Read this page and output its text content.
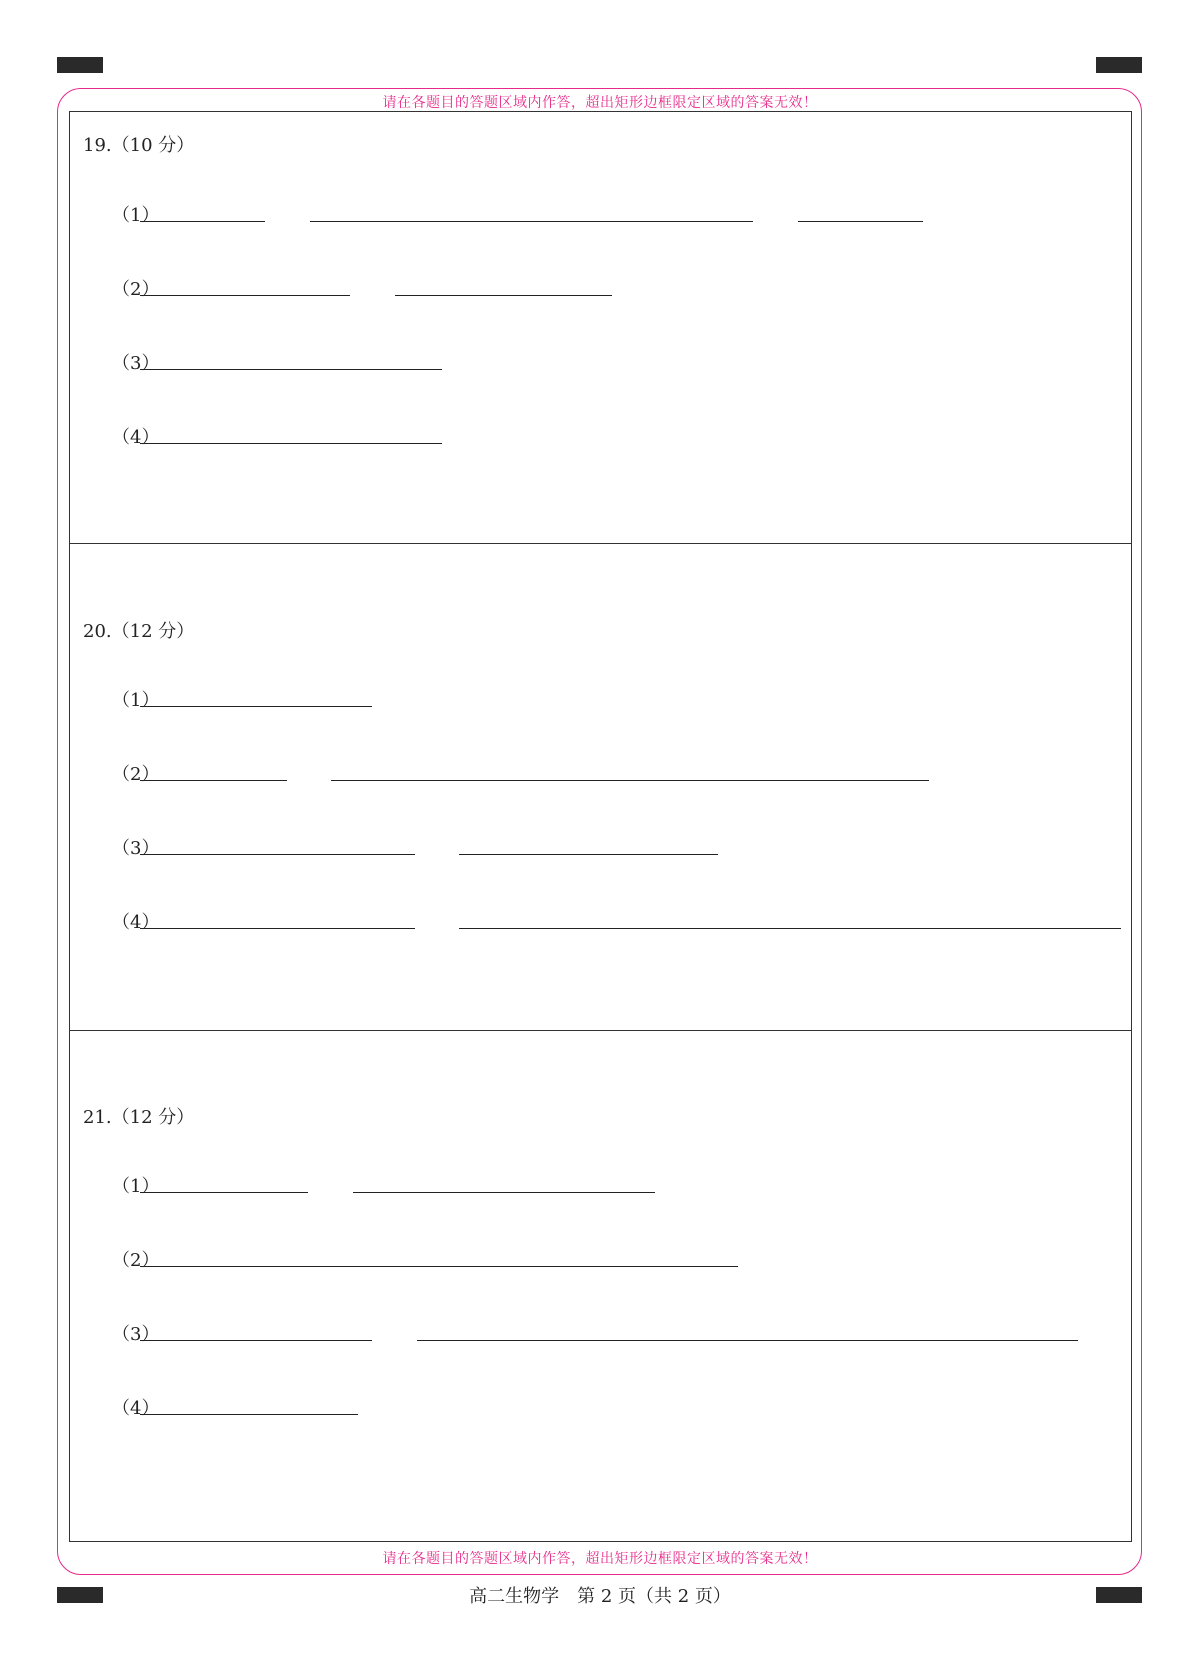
请在各题目的答题区域内作答，超出矩形边框限定区域的答案无效！
请在各题目的答题区域内作答，超出矩形边框限定区域的答案无效！
19.（10 分）
（1）
（2）
（3）
（4）
20.（12 分）
（1）
（2）
（3）
（4）
21.（12 分）
（1）
（2）
（3）
（4）
高二生物学　第 2 页（共 2 页）
